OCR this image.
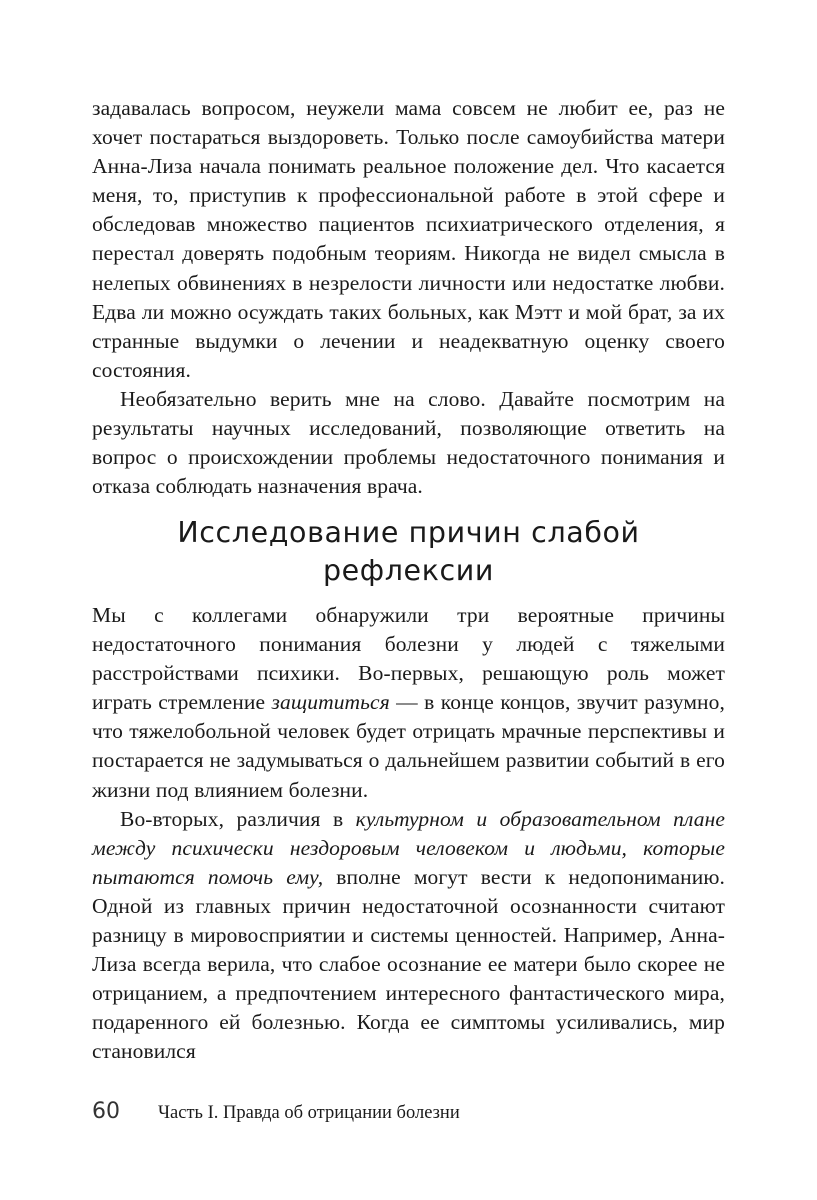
задавалась вопросом, неужели мама совсем не любит ее, раз не хочет постараться выздороветь. Только после самоубийства матери Анна-Лиза начала понимать реальное положение дел. Что касается меня, то, приступив к профессиональной работе в этой сфере и обследовав множество пациентов психиатрического отделения, я перестал доверять подобным теориям. Никогда не видел смысла в нелепых обвинениях в незрелости личности или недостатке любви. Едва ли можно осуждать таких больных, как Мэтт и мой брат, за их странные выдумки о лечении и неадекватную оценку своего состояния.

Необязательно верить мне на слово. Давайте посмотрим на результаты научных исследований, позволяющие ответить на вопрос о происхождении проблемы недостаточного понимания и отказа соблюдать назначения врача.

Исследование причин слабой рефлексии

Мы с коллегами обнаружили три вероятные причины недостаточного понимания болезни у людей с тяжелыми расстройствами психики. Во-первых, решающую роль может играть стремление защититься — в конце концов, звучит разумно, что тяжелобольной человек будет отрицать мрачные перспективы и постарается не задумываться о дальнейшем развитии событий в его жизни под влиянием болезни.

Во-вторых, различия в культурном и образовательном плане между психически нездоровым человеком и людьми, которые пытаются помочь ему, вполне могут вести к недопониманию. Одной из главных причин недостаточной осознанности считают разницу в мировосприятии и системы ценностей. Например, Анна-Лиза всегда верила, что слабое осознание ее матери было скорее не отрицанием, а предпочтением интересного фантастического мира, подаренного ей болезнью. Когда ее симптомы усиливались, мир становился

60 Часть I. Правда об отрицании болезни
